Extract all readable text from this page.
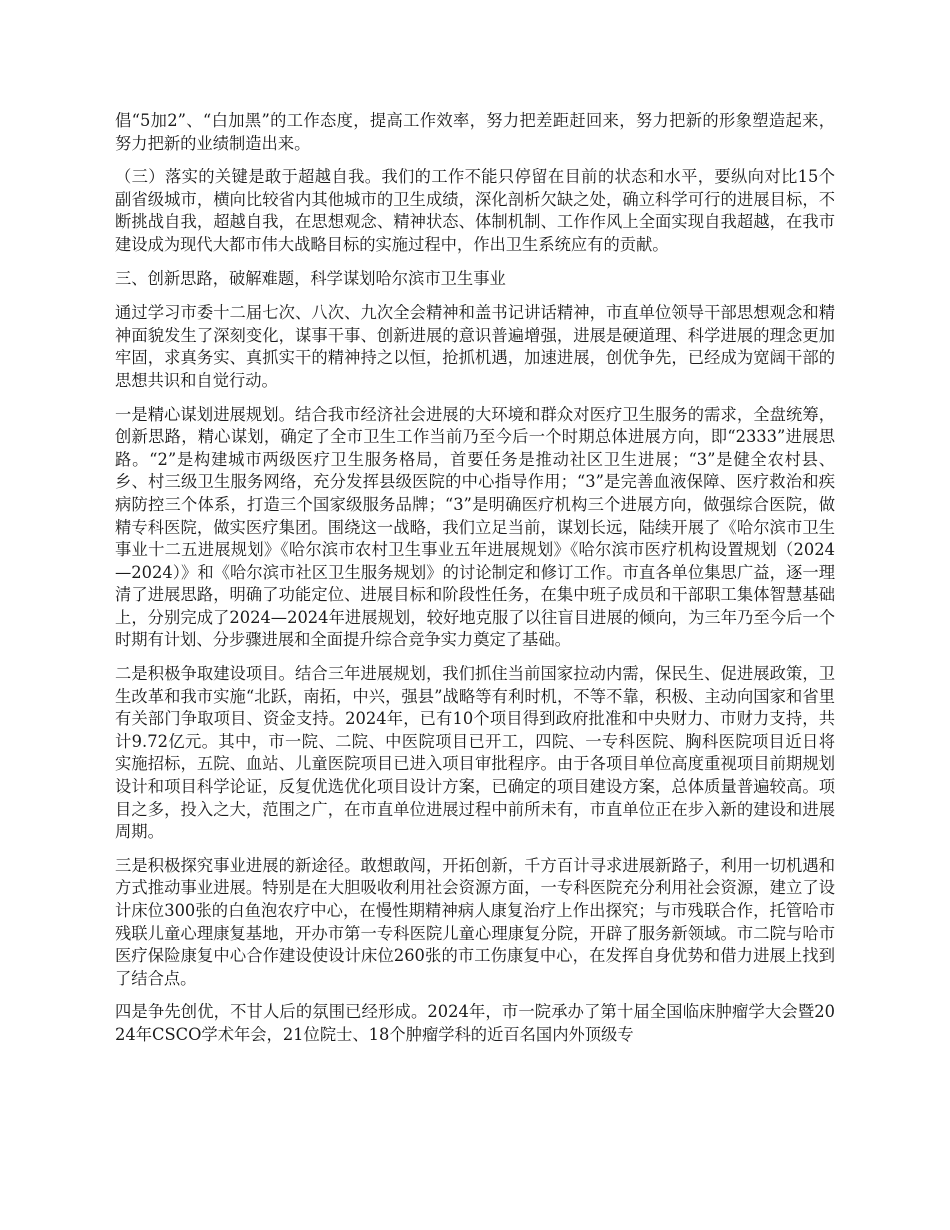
倡“5加2”、“白加黑”的工作态度，提高工作效率，努力把差距赶回来，努力把新的形象塑造起来，努力把新的业绩制造出来。

（三）落实的关键是敢于超越自我。我们的工作不能只停留在目前的状态和水平，要纵向对比15个副省级城市，横向比较省内其他城市的卫生成绩，深化剖析欠缺之处，确立科学可行的进展目标，不断挑战自我，超越自我，在思想观念、精神状态、体制机制、工作作风上全面实现自我超越，在我市建设成为现代大都市伟大战略目标的实施过程中，作出卫生系统应有的贡献。

三、创新思路，破解难题，科学谋划哈尔滨市卫生事业

通过学习市委十二届七次、八次、九次全会精神和盖书记讲话精神，市直单位领导干部思想观念和精神面貌发生了深刻变化，谋事干事、创新进展的意识普遍增强，进展是硬道理、科学进展的理念更加牢固，求真务实、真抓实干的精神持之以恒，抢抓机遇，加速进展，创优争先，已经成为宽阔干部的思想共识和自觉行动。

一是精心谋划进展规划。结合我市经济社会进展的大环境和群众对医疗卫生服务的需求，全盘统筹，创新思路，精心谋划，确定了全市卫生工作当前乃至今后一个时期总体进展方向，即“2333”进展思路。“2”是构建城市两级医疗卫生服务格局，首要任务是推动社区卫生进展；“3”是健全农村县、乡、村三级卫生服务网络，充分发挥县级医院的中心指导作用；“3”是完善血液保障、医疗救治和疾病防控三个体系，打造三个国家级服务品牌；“3”是明确医疗机构三个进展方向，做强综合医院，做精专科医院，做实医疗集团。围绕这一战略，我们立足当前，谋划长远，陆续开展了《哈尔滨市卫生事业十二五进展规划》《哈尔滨市农村卫生事业五年进展规划》《哈尔滨市医疗机构设置规划（2024—2024）》和《哈尔滨市社区卫生服务规划》的讨论制定和修订工作。市直各单位集思广益，逐一理清了进展思路，明确了功能定位、进展目标和阶段性任务，在集中班子成员和干部职工集体智慧基础上，分别完成了2024—2024年进展规划，较好地克服了以往盲目进展的倾向，为三年乃至今后一个时期有计划、分步骤进展和全面提升综合竞争实力奠定了基础。

二是积极争取建设项目。结合三年进展规划，我们抓住当前国家拉动内需，保民生、促进展政策，卫生改革和我市实施“北跃，南拓，中兴，强县”战略等有利时机，不等不靠，积极、主动向国家和省里有关部门争取项目、资金支持。2024年，已有10个项目得到政府批准和中央财力、市财力支持，共计9.72亿元。其中，市一院、二院、中医院项目已开工，四院、一专科医院、胸科医院项目近日将实施招标，五院、血站、儿童医院项目已进入项目审批程序。由于各项目单位高度重视项目前期规划设计和项目科学论证，反复优选优化项目设计方案，已确定的项目建设方案，总体质量普遍较高。项目之多，投入之大，范围之广，在市直单位进展过程中前所未有，市直单位正在步入新的建设和进展周期。

三是积极探究事业进展的新途径。敢想敢闯，开拓创新，千方百计寻求进展新路子，利用一切机遇和方式推动事业进展。特别是在大胆吸收利用社会资源方面，一专科医院充分利用社会资源，建立了设计床位300张的白鱼泡农疗中心，在慢性期精神病人康复治疗上作出探究；与市残联合作，托管哈市残联儿童心理康复基地，开办市第一专科医院儿童心理康复分院，开辟了服务新领域。市二院与哈市医疗保险康复中心合作建设使设计床位260张的市工伤康复中心，在发挥自身优势和借力进展上找到了结合点。

四是争先创优，不甘人后的氛围已经形成。2024年，市一院承办了第十届全国临床肿瘤学大会暨2024年CSCO学术年会，21位院士、18个肿瘤学科的近百名国内外顶级专
